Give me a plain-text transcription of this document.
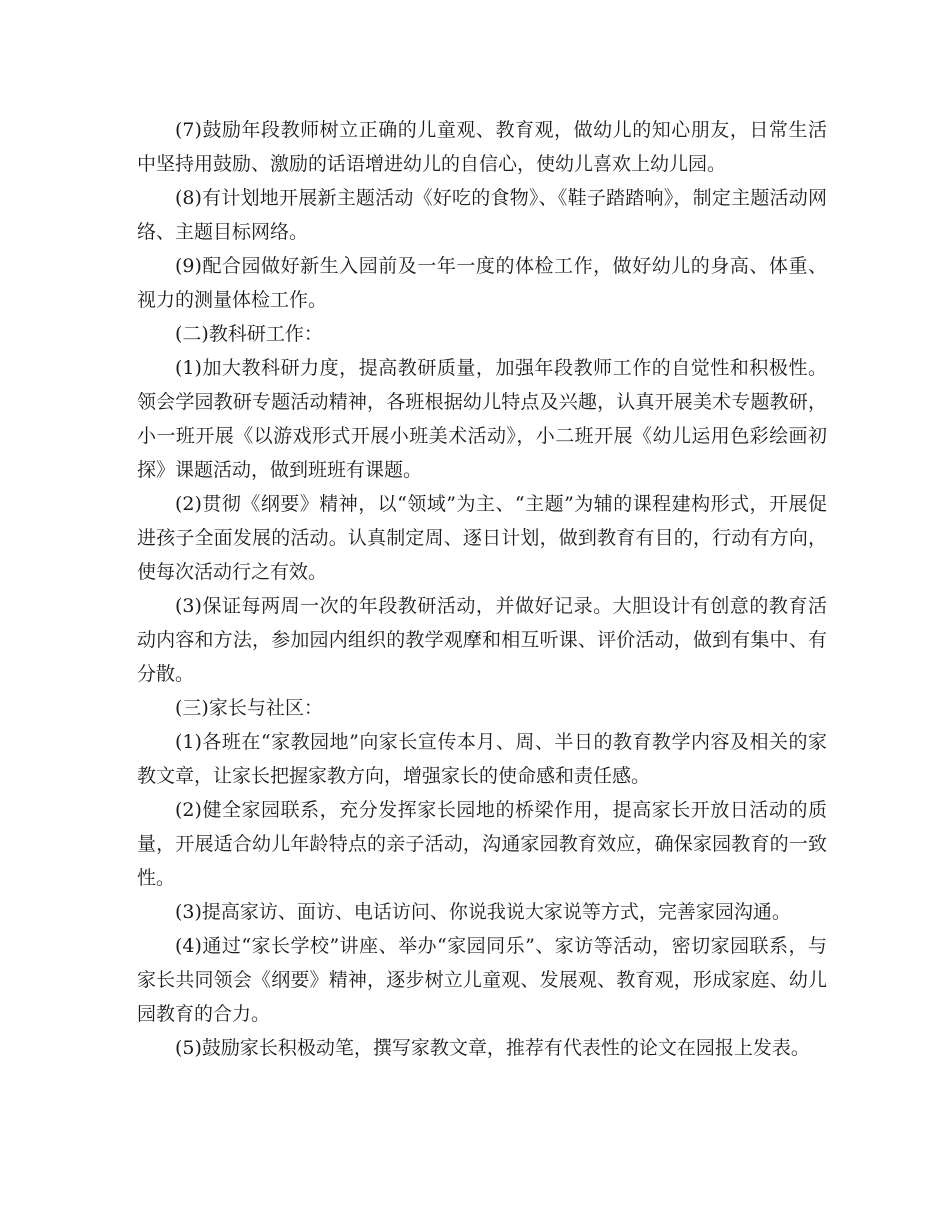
(7)鼓励年段教师树立正确的儿童观、教育观，做幼儿的知心朋友，日常生活中坚持用鼓励、激励的话语增进幼儿的自信心，使幼儿喜欢上幼儿园。

(8)有计划地开展新主题活动《好吃的食物》、《鞋子踏踏响》，制定主题活动网络、主题目标网络。

(9)配合园做好新生入园前及一年一度的体检工作，做好幼儿的身高、体重、视力的测量体检工作。

(二)教科研工作：

(1)加大教科研力度，提高教研质量，加强年段教师工作的自觉性和积极性。领会学园教研专题活动精神，各班根据幼儿特点及兴趣，认真开展美术专题教研，小一班开展《以游戏形式开展小班美术活动》，小二班开展《幼儿运用色彩绘画初探》课题活动，做到班班有课题。

(2)贯彻《纲要》精神，以“领域”为主、“主题”为辅的课程建构形式，开展促进孩子全面发展的活动。认真制定周、逐日计划，做到教育有目的，行动有方向，使每次活动行之有效。

(3)保证每两周一次的年段教研活动，并做好记录。大胆设计有创意的教育活动内容和方法，参加园内组织的教学观摩和相互听课、评价活动，做到有集中、有分散。

(三)家长与社区：

(1)各班在“家教园地”向家长宣传本月、周、半日的教育教学内容及相关的家教文章，让家长把握家教方向，增强家长的使命感和责任感。

(2)健全家园联系，充分发挥家长园地的桥梁作用，提高家长开放日活动的质量，开展适合幼儿年龄特点的亲子活动，沟通家园教育效应，确保家园教育的一致性。

(3)提高家访、面访、电话访问、你说我说大家说等方式，完善家园沟通。

(4)通过“家长学校”讲座、举办“家园同乐”、家访等活动，密切家园联系，与家长共同领会《纲要》精神，逐步树立儿童观、发展观、教育观，形成家庭、幼儿园教育的合力。

(5)鼓励家长积极动笔，撰写家教文章，推荐有代表性的论文在园报上发表。
